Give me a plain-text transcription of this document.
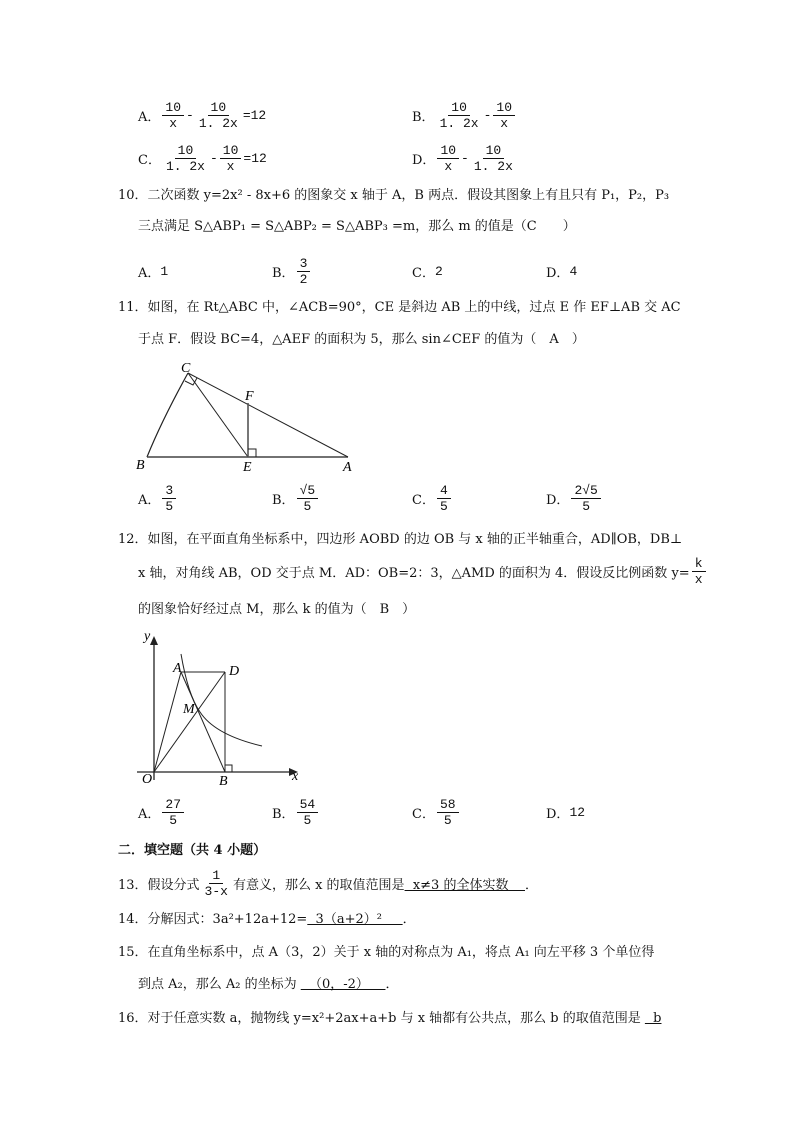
A． $\frac{10}{x} - \frac{10}{1. 2x} =12$	B． $\frac{10}{1. 2x} - \frac{10}{x}$
C． $\frac{10}{1. 2x} - \frac{10}{x} =12$	D． $\frac{10}{x} - \frac{10}{1. 2x}$
10．二次函数 y=2x² - 8x+6 的图象交 x 轴于 A，B 两点．假设其图象上有且只有 P₁，P₂，P₃
三点满足 S△ABP₁ = S△ABP₂ = S△ABP₃ =m，那么 m 的值是（C　　）
A． 1	B． $\frac{3}{2}$	C． 2	D． 4
11．如图，在 Rt△ABC 中，∠ACB=90°，CE 是斜边 AB 上的中线，过点 E 作 EF⊥AB 交 AC
于点 F．假设 BC=4，△AEF 的面积为 5，那么 sin∠CEF 的值为（　A　）
C
B	E	A
F
y
x
O
A	D
M
B
A． $\frac{3}{5}$	B． $\frac{√5}{5}$	C． $\frac{4}{5}$	D． $\frac{2√5}{5}$
12．如图，在平面直角坐标系中，四边形 AOBD 的边 OB 与 x 轴的正半轴重合，AD∥OB，DB⊥
x 轴，对角线 AB，OD 交于点 M．AD：OB=2：3，△AMD 的面积为 4．假设反比例函数 $y= \frac{k}{x}$
的图象恰好经过点 M，那么 k 的值为（　B　）
A． $\frac{27}{5}$	B． $\frac{54}{5}$	C． $\frac{58}{5}$	D． 12
二．填空题（共 4 小题）
13．假设分式 $\frac{1}{3-x}$ 有意义，那么 x 的取值范围是 x≠3 的全体实数 ．
14．分解因式：3a²+12a+12=  3（a+2）²     ．
15．在直角坐标系中，点 A（3，2）关于 x 轴的对称点为 A₁，将点 A₁ 向左平移 3 个单位得
到点 A₂，那么 A₂ 的坐标为   （0，-2）    ．
16．对于任意实数 a，抛物线 y=x²+2ax+a+b 与 x 轴都有公共点，那么 b 的取值范围是   b
